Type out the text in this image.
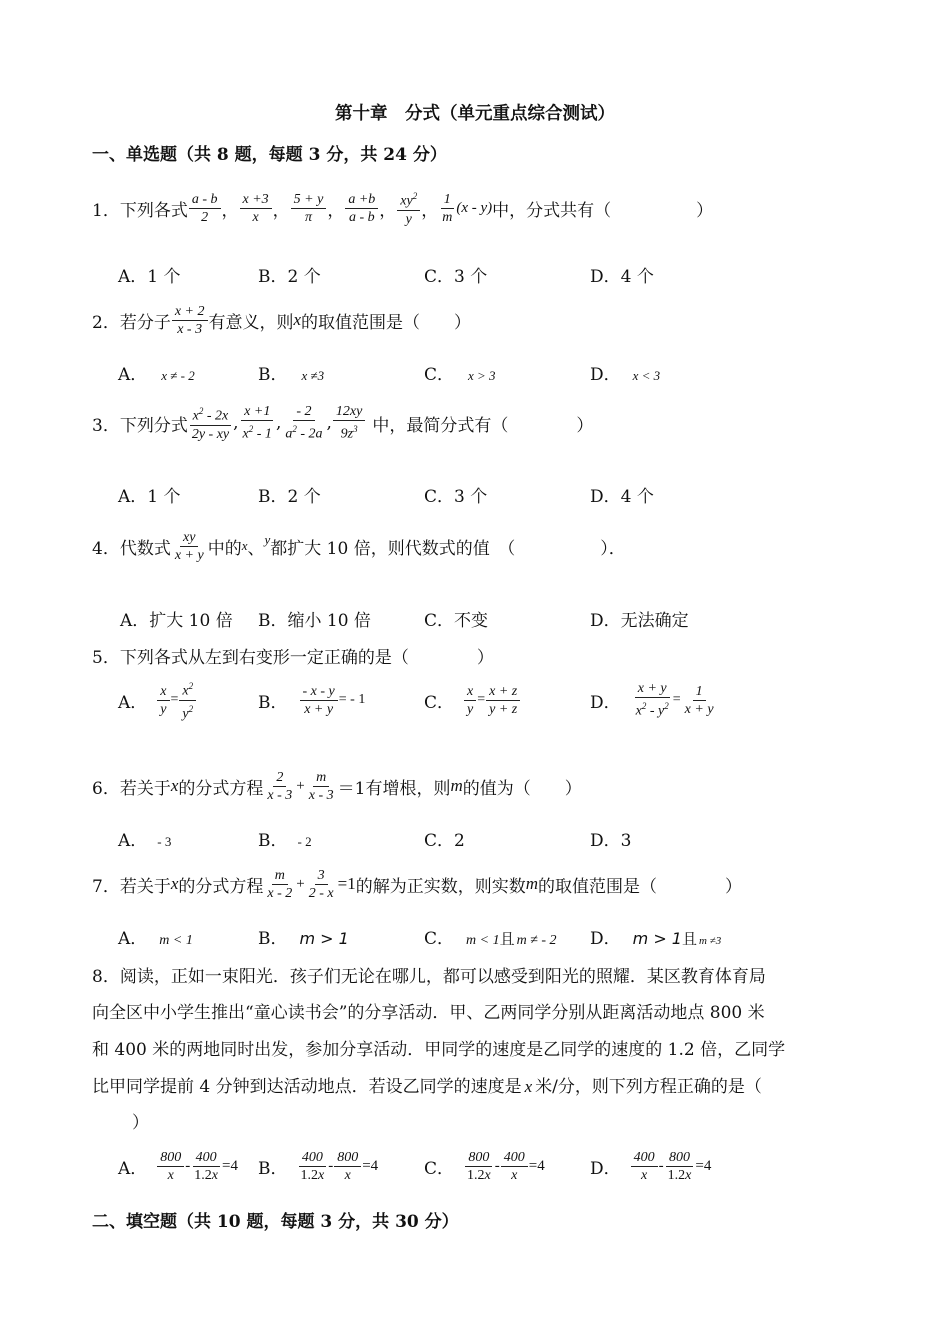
第十章　分式（单元重点综合测试）
一、单选题（共 8 题，每题 3 分，共 24 分）
1．下列各式 $\frac{a - b}{2}$ ， $\frac{x +3}{x}$ ， $\frac{5 + y}{\pi}$ ， $\frac{a +b}{a - b}$ ， $\frac{xy^2}{y}$ ， $\frac{1}{m} (x - y)$ 中，分式共有（　　　　　）
A．1 个	B．2 个	C．3 个	D．4 个
2．若分子 $\frac{x + 2}{x - 3}$ 有意义，则 x 的取值范围是（　　）
A． x ≠ - 2	B． x ≠3	C． x > 3	D． x < 3
3．下列分式 $\frac{x^2 - 2x}{2y - xy}$ , $\frac{x +1}{x^2 - 1}$ , $\frac{- 2}{a^2 - 2a}$ , $\frac{12xy}{9z^3}$ 中，最简分式有（　　　　）
A．1 个	B．2 个	C．3 个	D．4 个
4．代数式 $\frac{xy}{x + y}$ 中的 x 、 y 都扩大 10 倍，则代数式的值　（　　　　　）．
A．扩大 10 倍 B．缩小 10 倍	C．不变	D．无法确定
5．下列各式从左到右变形一定正确的是（　　　　）
A． $\frac{x}{y} = \frac{x^2}{y^2}$	B． $\frac{- x - y}{x + y}$ = - 1	C． $\frac{x}{y} = \frac{x + z}{y + z}$	D． $\frac{x + y}{x^2 - y^2} = \frac{1}{x + y}$
6．若关于 x 的分式方程 $\frac{2}{x - 3} + \frac{m}{x - 3} =1$ 有增根，则 m 的值为（　　）
A． - 3	B． - 2	C．2	D．3
7．若关于 x 的分式方程 $\frac{m}{x - 2} + \frac{3}{2 - x} =1$ 的解为正实数，则实数 m 的取值范围是（　　　　）
A． m < 1	B． m > 1	C． m < 1且 m ≠ - 2 D． m > 1且 m ≠3
8．阅读，正如一束阳光．孩子们无论在哪儿，都可以感受到阳光的照耀．某区教育体育局
向全区中小学生推出“童心读书会”的分享活动．甲、乙两同学分别从距离活动地点 800 米
和 400 米的两地同时出发，参加分享活动．甲同学的速度是乙同学的速度的 1.2 倍，乙同学
比甲同学提前 4 分钟到达活动地点．若设乙同学的速度是 x 米/分，则下列方程正确的是（
）
A． $\frac{800}{x} - \frac{400}{1.2x} =4$ B． $\frac{400}{1.2x} - \frac{800}{x} =4$	C． $\frac{800}{1.2x} - \frac{400}{x} =4$	D． $\frac{400}{x} - \frac{800}{1.2x} =4$
二、填空题（共 10 题，每题 3 分，共 30 分）
